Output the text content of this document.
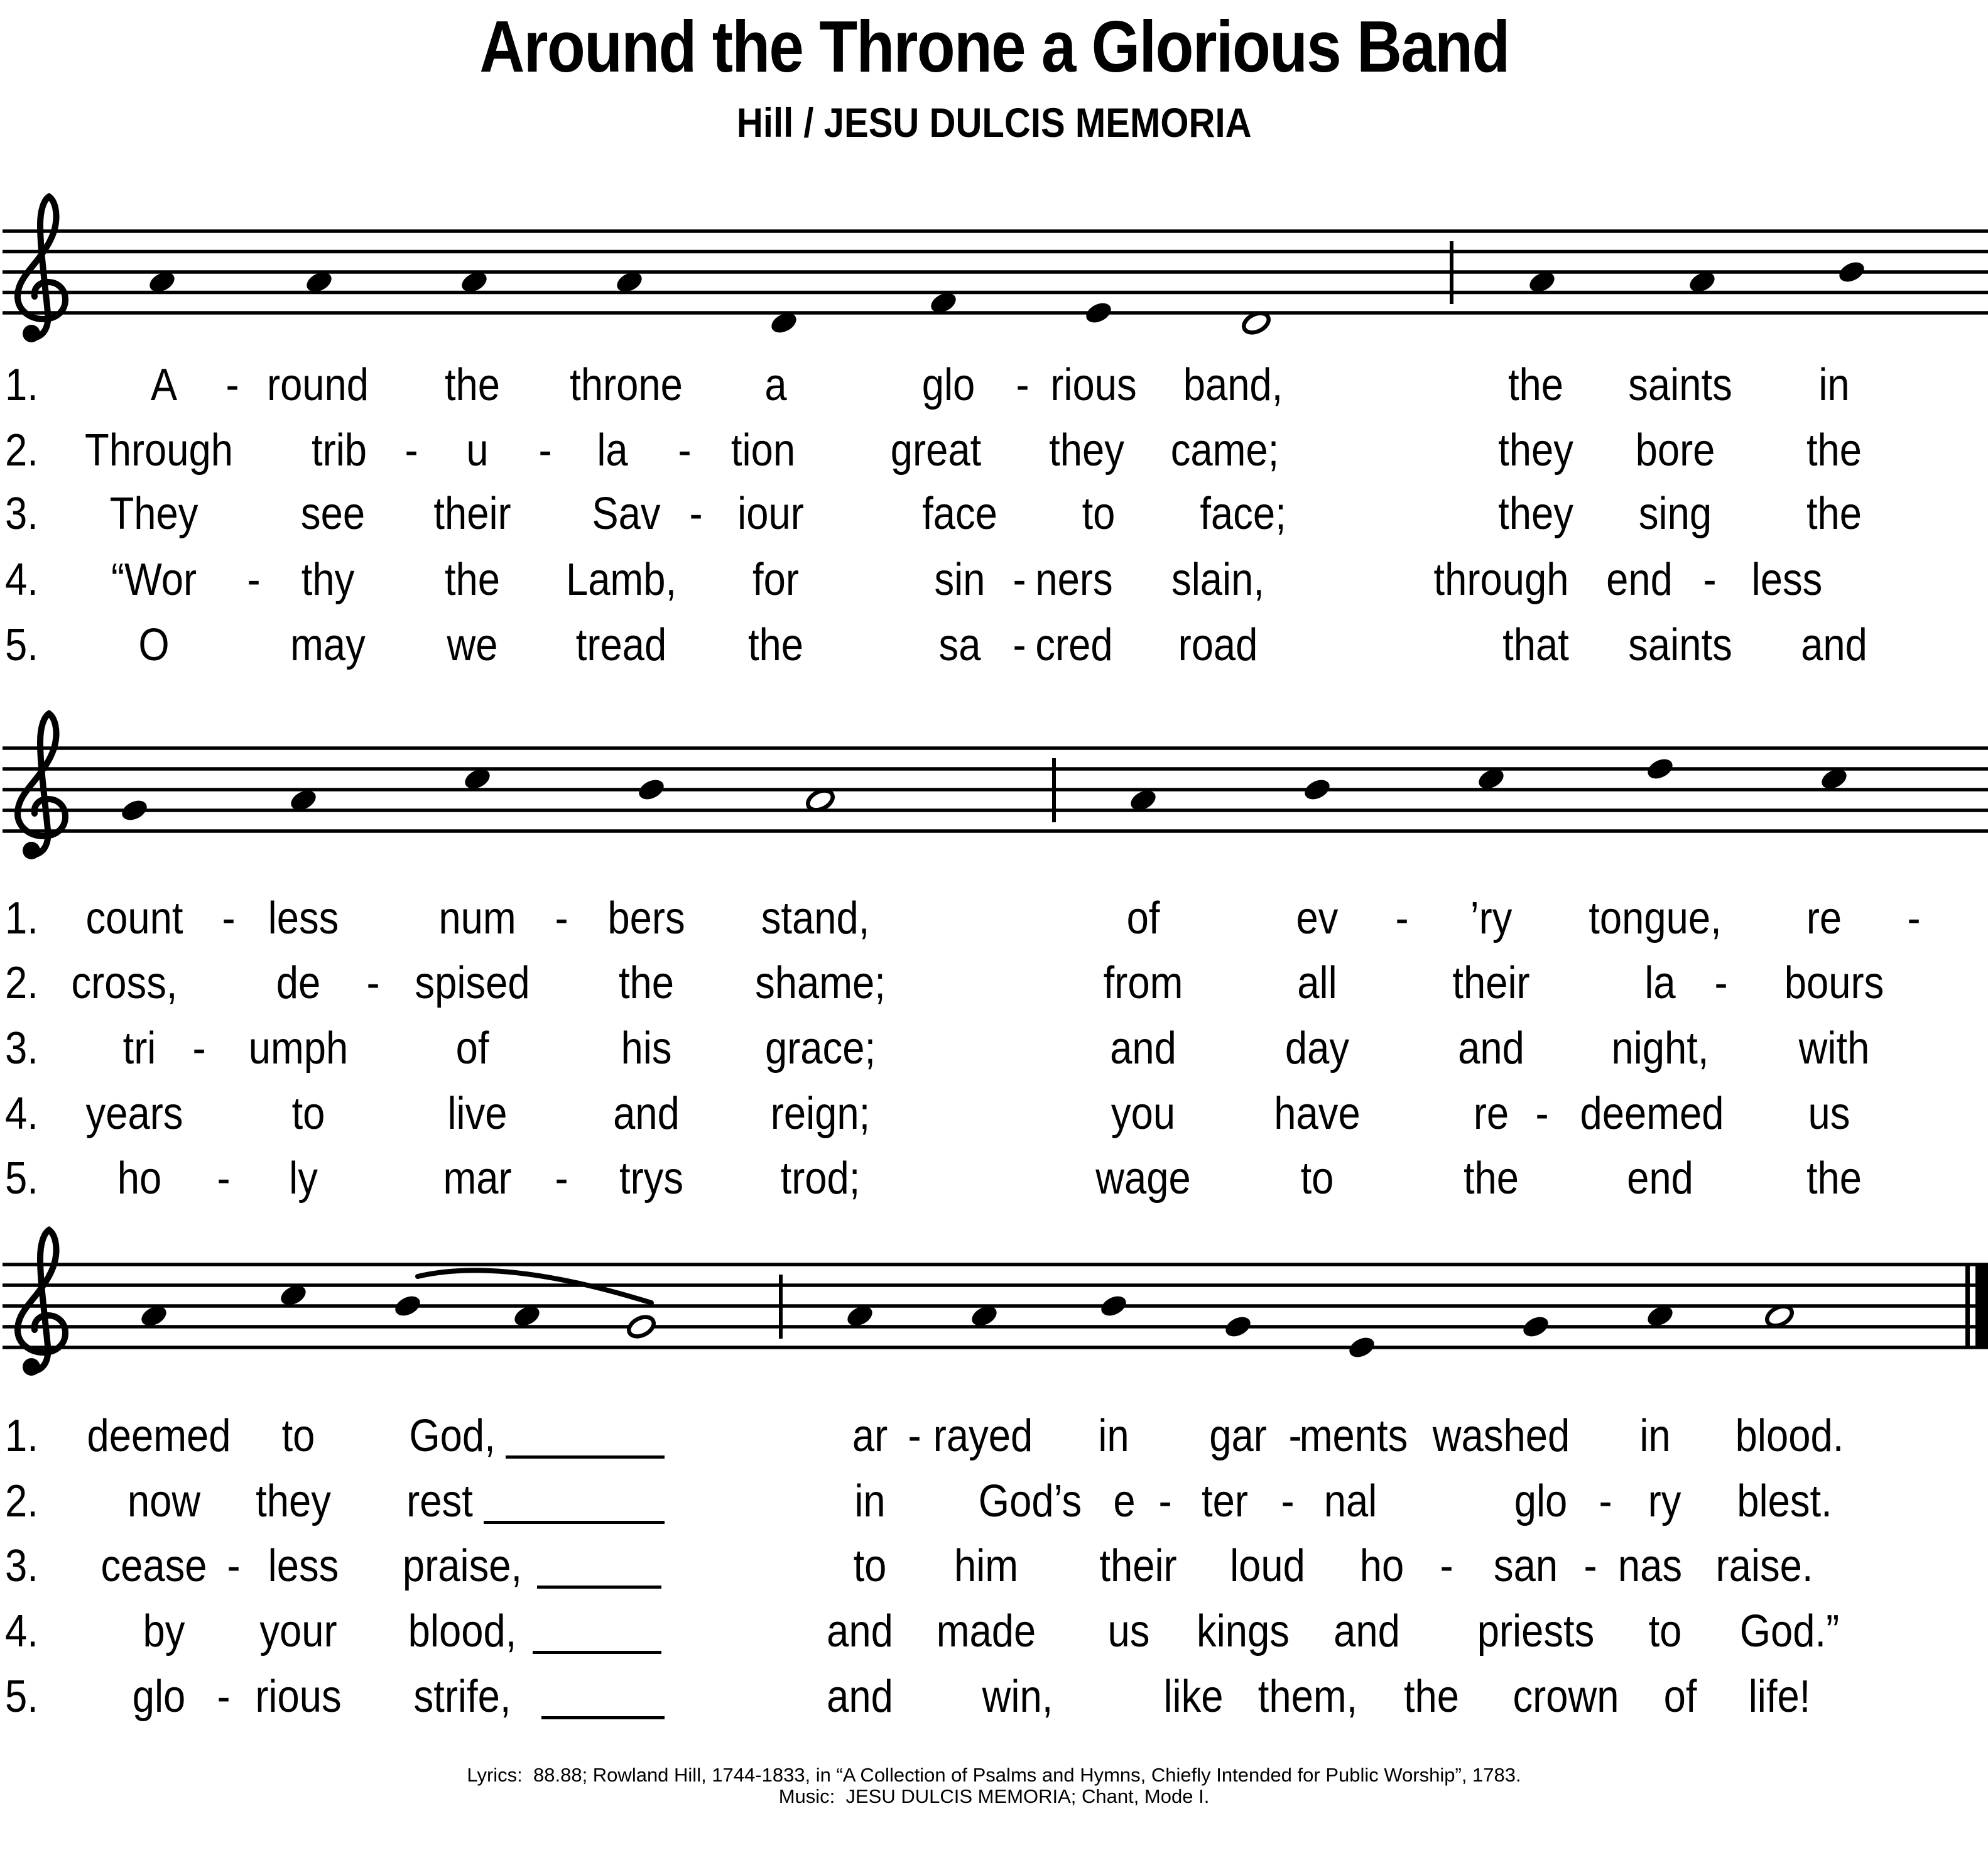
Around the Throne a Glorious Band
Hill / JESU DULCIS MEMORIA
1. A - round the throne a	glo - rious band,	the saints in
2. Through trib - u - la - tion great they came;	they bore the
3. They see their Sav - iour	face to face;	they sing the
4. “Wor - thy the Lamb, for	sin - ners slain,	through end - less
5. O	may we tread the	sa - cred road	that saints and
1. count - less num - bers stand,	of	ev - ’ry tongue, re -
2. cross, de - spised the shame;	from	all	their	la - bours
3. tri - umph of	his grace;	and day and night, with
4. years to	live and reign;	you have	re - deemed us
5. ho - ly	mar - trys trod;	wage to	the end	the
1. deemed to God,	ar - rayed in gar -
ments washed in blood.
2. now they rest	in God’s e - ter - nal	glo - ry blest.
3. cease - less praise,	to him their loud ho - san - nas raise.
4. by your blood,	and made us kings and priests to God.”
5. glo - rious strife,	and win, like them, the crown of life!
Lyrics:  88.88; Rowland Hill, 1744-1833, in “A Collection of Psalms and Hymns, Chiefly Intended for Public Worship”, 1783.
Music:  JESU DULCIS MEMORIA; Chant, Mode I.
